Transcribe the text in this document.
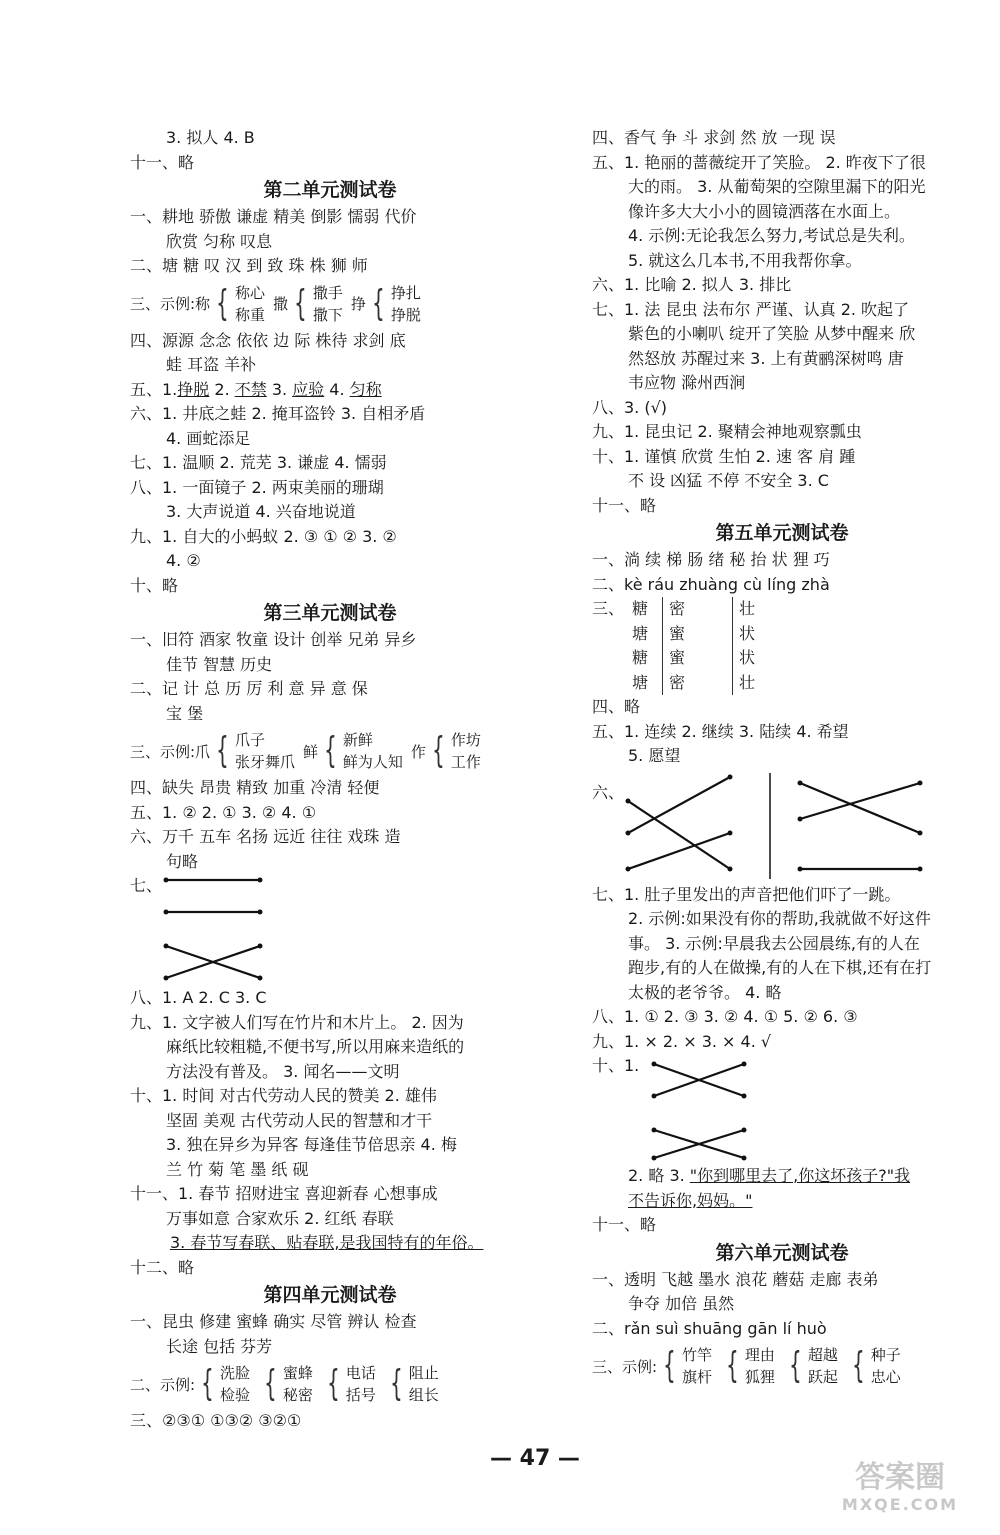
3. 拟人 4. B
十一、略
第二单元测试卷
一、耕地 骄傲 谦虚 精美 倒影 懦弱 代价
欣赏 匀称 叹息
二、塘 糖 叹 汉 到 致 珠 株 狮 师
三、示例:称 { 称心
称重
撒 { 撒手
撒下
挣 { 挣扎
挣脱
四、源源 念念 依依 边 际 株待 求剑 底
蛙 耳盗 羊补
五、1.挣脱 2. 不禁 3. 应验 4. 匀称
六、1. 井底之蛙 2. 掩耳盗铃 3. 自相矛盾
4. 画蛇添足
七、1. 温顺 2. 荒芜 3. 谦虚 4. 懦弱
八、1. 一面镜子 2. 两束美丽的珊瑚
3. 大声说道 4. 兴奋地说道
九、1. 自大的小蚂蚁 2. ③ ① ② 3. ②
4. ②
十、略
第三单元测试卷
一、旧符 酒家 牧童 设计 创举 兄弟 异乡
佳节 智慧 历史
二、记 计 总 历 厉 利 意 异 意 保
宝 堡
三、示例:爪 { 爪子
张牙舞爪
鲜 { 新鲜
鲜为人知
作 { 作坊
工作
四、缺失 昂贵 精致 加重 冷清 轻便
五、1. ② 2. ① 3. ② 4. ①
六、万千 五车 名扬 远近 往往 戏珠 造
句略
七、
八、1. A 2. C 3. C
九、1. 文字被人们写在竹片和木片上。 2. 因为
麻纸比较粗糙,不便书写,所以用麻来造纸的
方法没有普及。 3. 闻名——文明
十、1. 时间 对古代劳动人民的赞美 2. 雄伟
坚固 美观 古代劳动人民的智慧和才干
3. 独在异乡为异客 每逢佳节倍思亲 4. 梅
兰 竹 菊 笔 墨 纸 砚
十一、1. 春节 招财进宝 喜迎新春 心想事成
万事如意 合家欢乐 2. 红纸 春联
3. 春节写春联、贴春联,是我国特有的年俗。
十二、略
第四单元测试卷
一、昆虫 修建 蜜蜂 确实 尽管 辨认 检查
长途 包括 芬芳
二、示例: { 洗脸
检验 { 蜜蜂
秘密 { 电话
括号 { 阻止
组长
三、②③① ①③② ③②①
四、香气 争 斗 求剑 然 放 一现 误
五、1. 艳丽的蔷薇绽开了笑脸。 2. 昨夜下了很
大的雨。 3. 从葡萄架的空隙里漏下的阳光
像许多大大小小的圆镜洒落在水面上。
4. 示例:无论我怎么努力,考试总是失利。
5. 就这么几本书,不用我帮你拿。
六、1. 比喻 2. 拟人 3. 排比
七、1. 法 昆虫 法布尔 严谨、认真 2. 吹起了
紫色的小喇叭 绽开了笑脸 从梦中醒来 欣
然怒放 苏醒过来 3. 上有黄鹂深树鸣 唐
韦应物 滁州西涧
八、3. (√)
九、1. 昆虫记 2. 聚精会神地观察瓢虫
十、1. 谨慎 欣赏 生怕 2. 速 客 肩 踵
不 设 凶猛 不停 不安全 3. C
十一、略
第五单元测试卷
一、淌 续 梯 肠 绪 秘 抬 状 狸 巧
二、kè ráu zhuàng cù líng zhà
三、 糖	密	壮
塘	蜜	状
糖	蜜	状
塘	密	壮
四、略
五、1. 连续 2. 继续 3. 陆续 4. 希望
5. 愿望
六、
七、1. 肚子里发出的声音把他们吓了一跳。
2. 示例:如果没有你的帮助,我就做不好这件
事。 3. 示例:早晨我去公园晨练,有的人在
跑步,有的人在做操,有的人在下棋,还有在打
太极的老爷爷。 4. 略
八、1. ① 2. ③ 3. ② 4. ① 5. ② 6. ③
九、1. × 2. × 3. × 4. √
十、1.
2. 略 3. "你到哪里去了,你这坏孩子?"我
不告诉你,妈妈。"
十一、略
第六单元测试卷
一、透明 飞越 墨水 浪花 蘑菇 走廊 表弟
争夺 加倍 虽然
二、rǎn suì shuāng gān lí huò
三、示例: { 竹竿
旗杆 { 理由
狐狸 { 超越
跃起 { 种子
忠心
— 47 —
答案圈
MXQE.COM
